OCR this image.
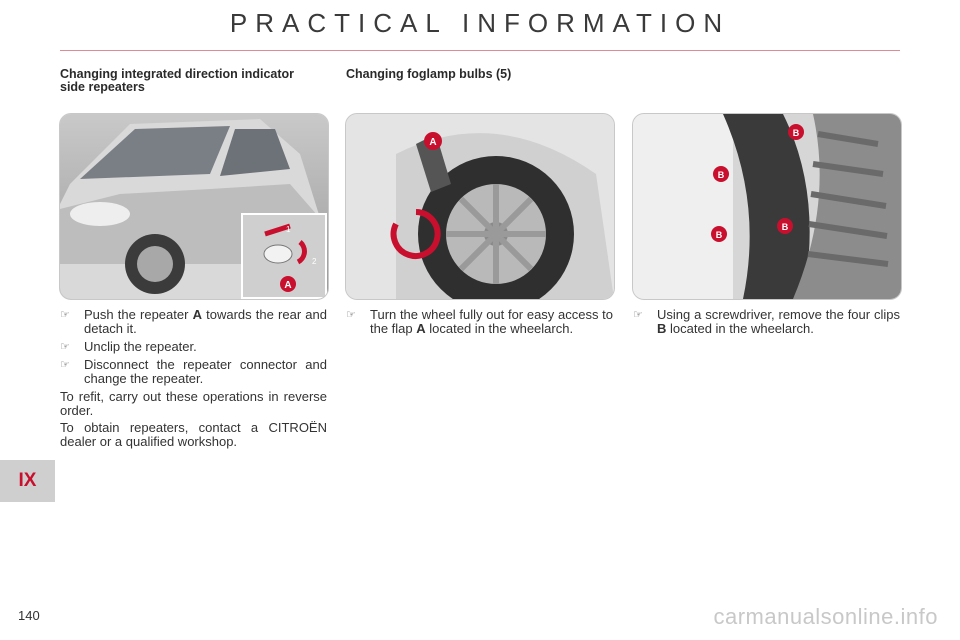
PRACTICAL INFORMATION
Changing integrated direction indicator side repeaters
Changing foglamp bulbs (5)
A
1
2
A
B
B
B
B
☞ Push the repeater A towards the rear and detach it.
☞ Unclip the repeater.
☞ Disconnect the repeater connector and change the repeater.
To refit, carry out these operations in reverse order.
To obtain repeaters, contact a CITROËN dealer or a qualified workshop.
☞ Turn the wheel fully out for easy access to the flap A located in the wheelarch.
☞ Using a screwdriver, remove the four clips B located in the wheelarch.
IX
140	carmanualsonline.info
